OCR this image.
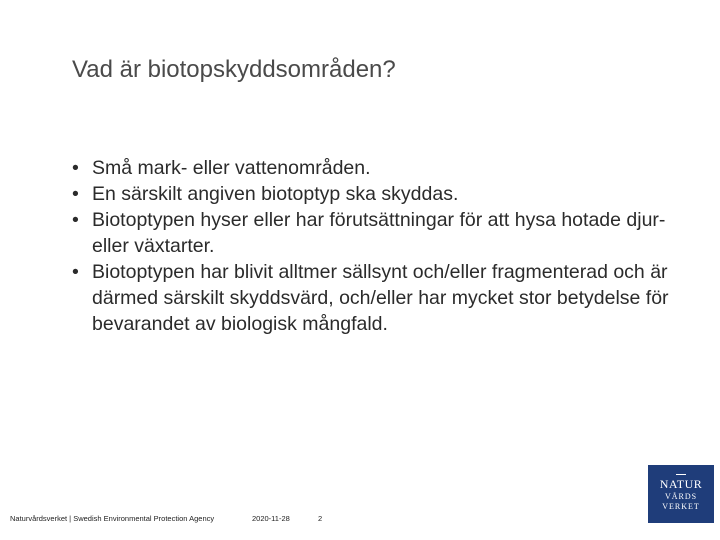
Vad är biotopskyddsområden?
• Små mark- eller vattenområden.
• En särskilt angiven biotoptyp ska skyddas.
• Biotoptypen hyser eller har förutsättningar för att hysa hotade djur- eller växtarter.
• Biotoptypen har blivit alltmer sällsynt och/eller fragmenterad och är därmed särskilt skyddsvärd, och/eller har mycket stor betydelse för bevarandet av biologisk mångfald.
Naturvårdsverket | Swedish Environmental Protection Agency	2020-11-28	2
NATUR
VÅRDS
VERKET
